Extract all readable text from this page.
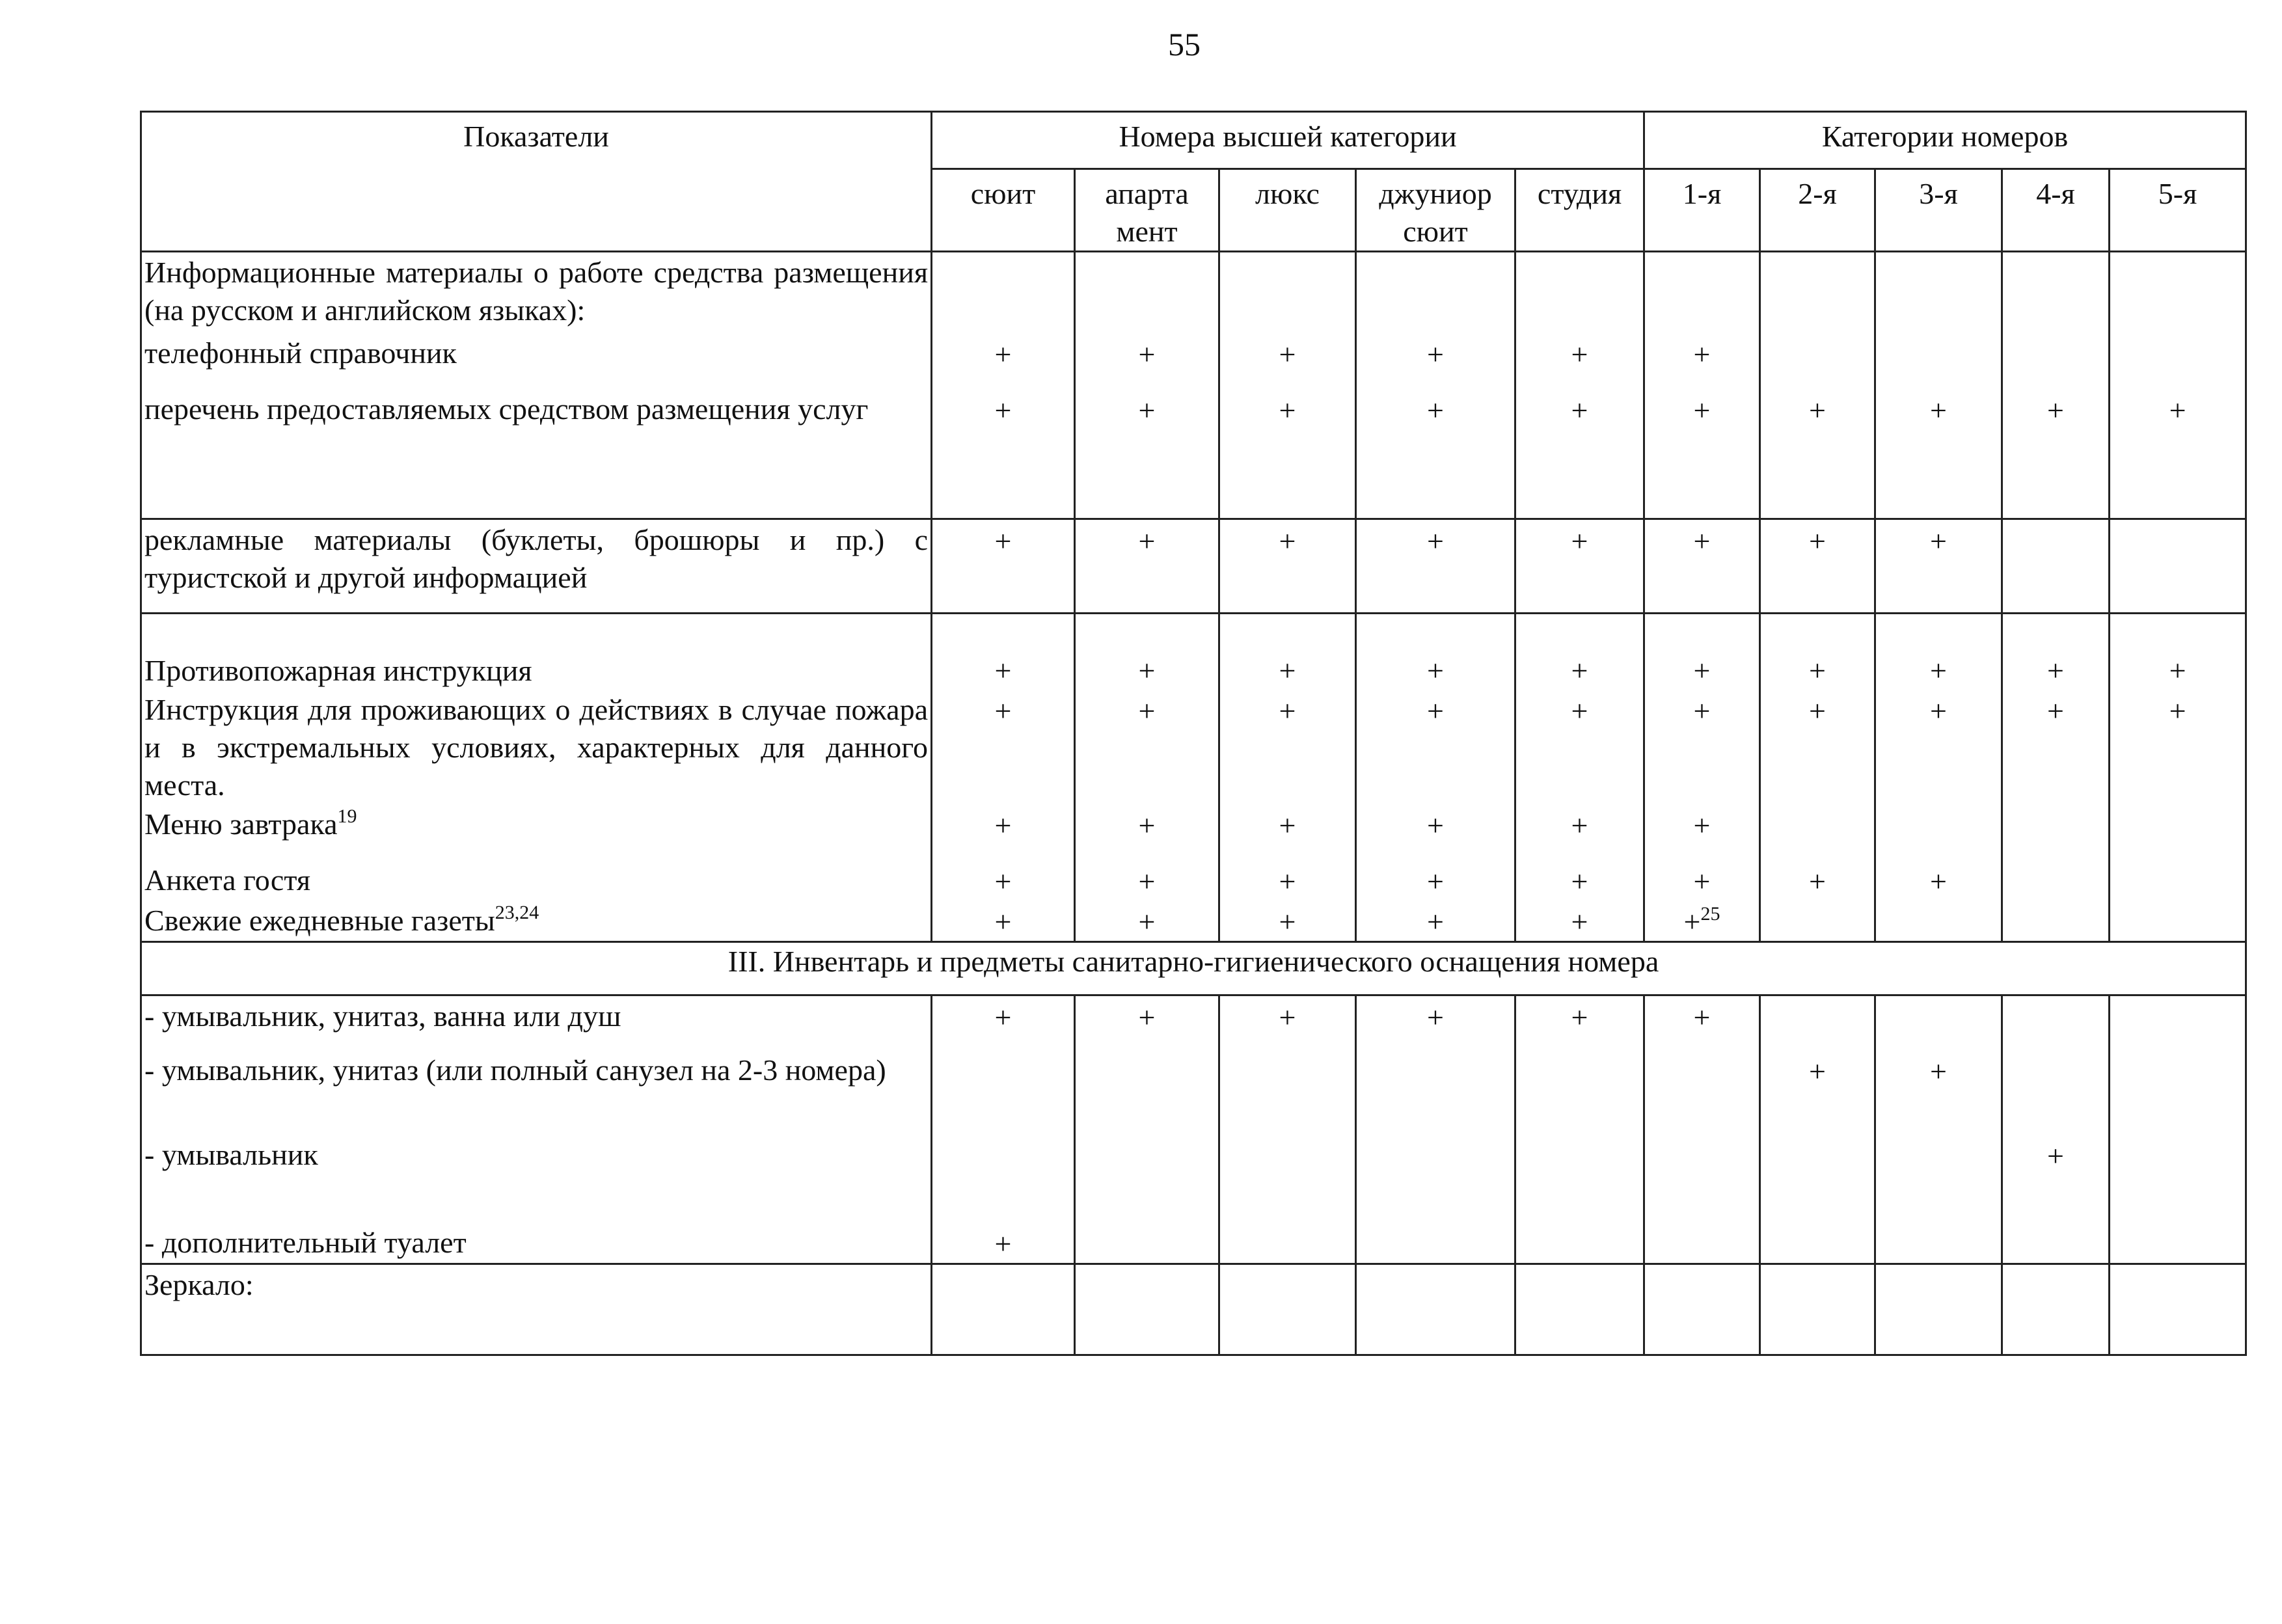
55
Показатели	Номера высшей категории					Категории номеров				
	сюит	апарта мент	люкс	джуниор сюит	студия	1-я	2-я	3-я	4-я	5-я

Информационные материалы о работе средства размещения (на русском и английском языках):										

телефонный справочник	+	+	+	+	+	+				
перечень предоставляемых средством размещения услуг	+	+	+	+	+	+	+	+	+	+

рекламные материалы (буклеты, брошюры и пр.) с туристской и другой информацией	+	+	+	+	+	+	+	+		
Противопожарная инструкция	+	+	+	+	+	+	+	+	+	+

Инструкция для проживающих о действиях в случае пожара и в экстремальных условиях, характерных для данного места.	+	+	+	+	+	+	+	+	+	+
Меню завтрака$^{19}$	+	+	+	+	+	+				
Анкета гостя	+	+	+	+	+	+	+	+		
Свежие ежедневные газеты$^{23,24}$	+	+	+	+	+	+$^{25}$				
III. Инвентарь и предметы санитарно-гигиенического оснащения номера										
- умывальник, унитаз, ванна или душ	+	+	+	+	+	+				

- умывальник, унитаз (или полный санузел на 2-3 номера)							+	+		
- умывальник									+	
- дополнительный туалет	+									
Зеркало:										
